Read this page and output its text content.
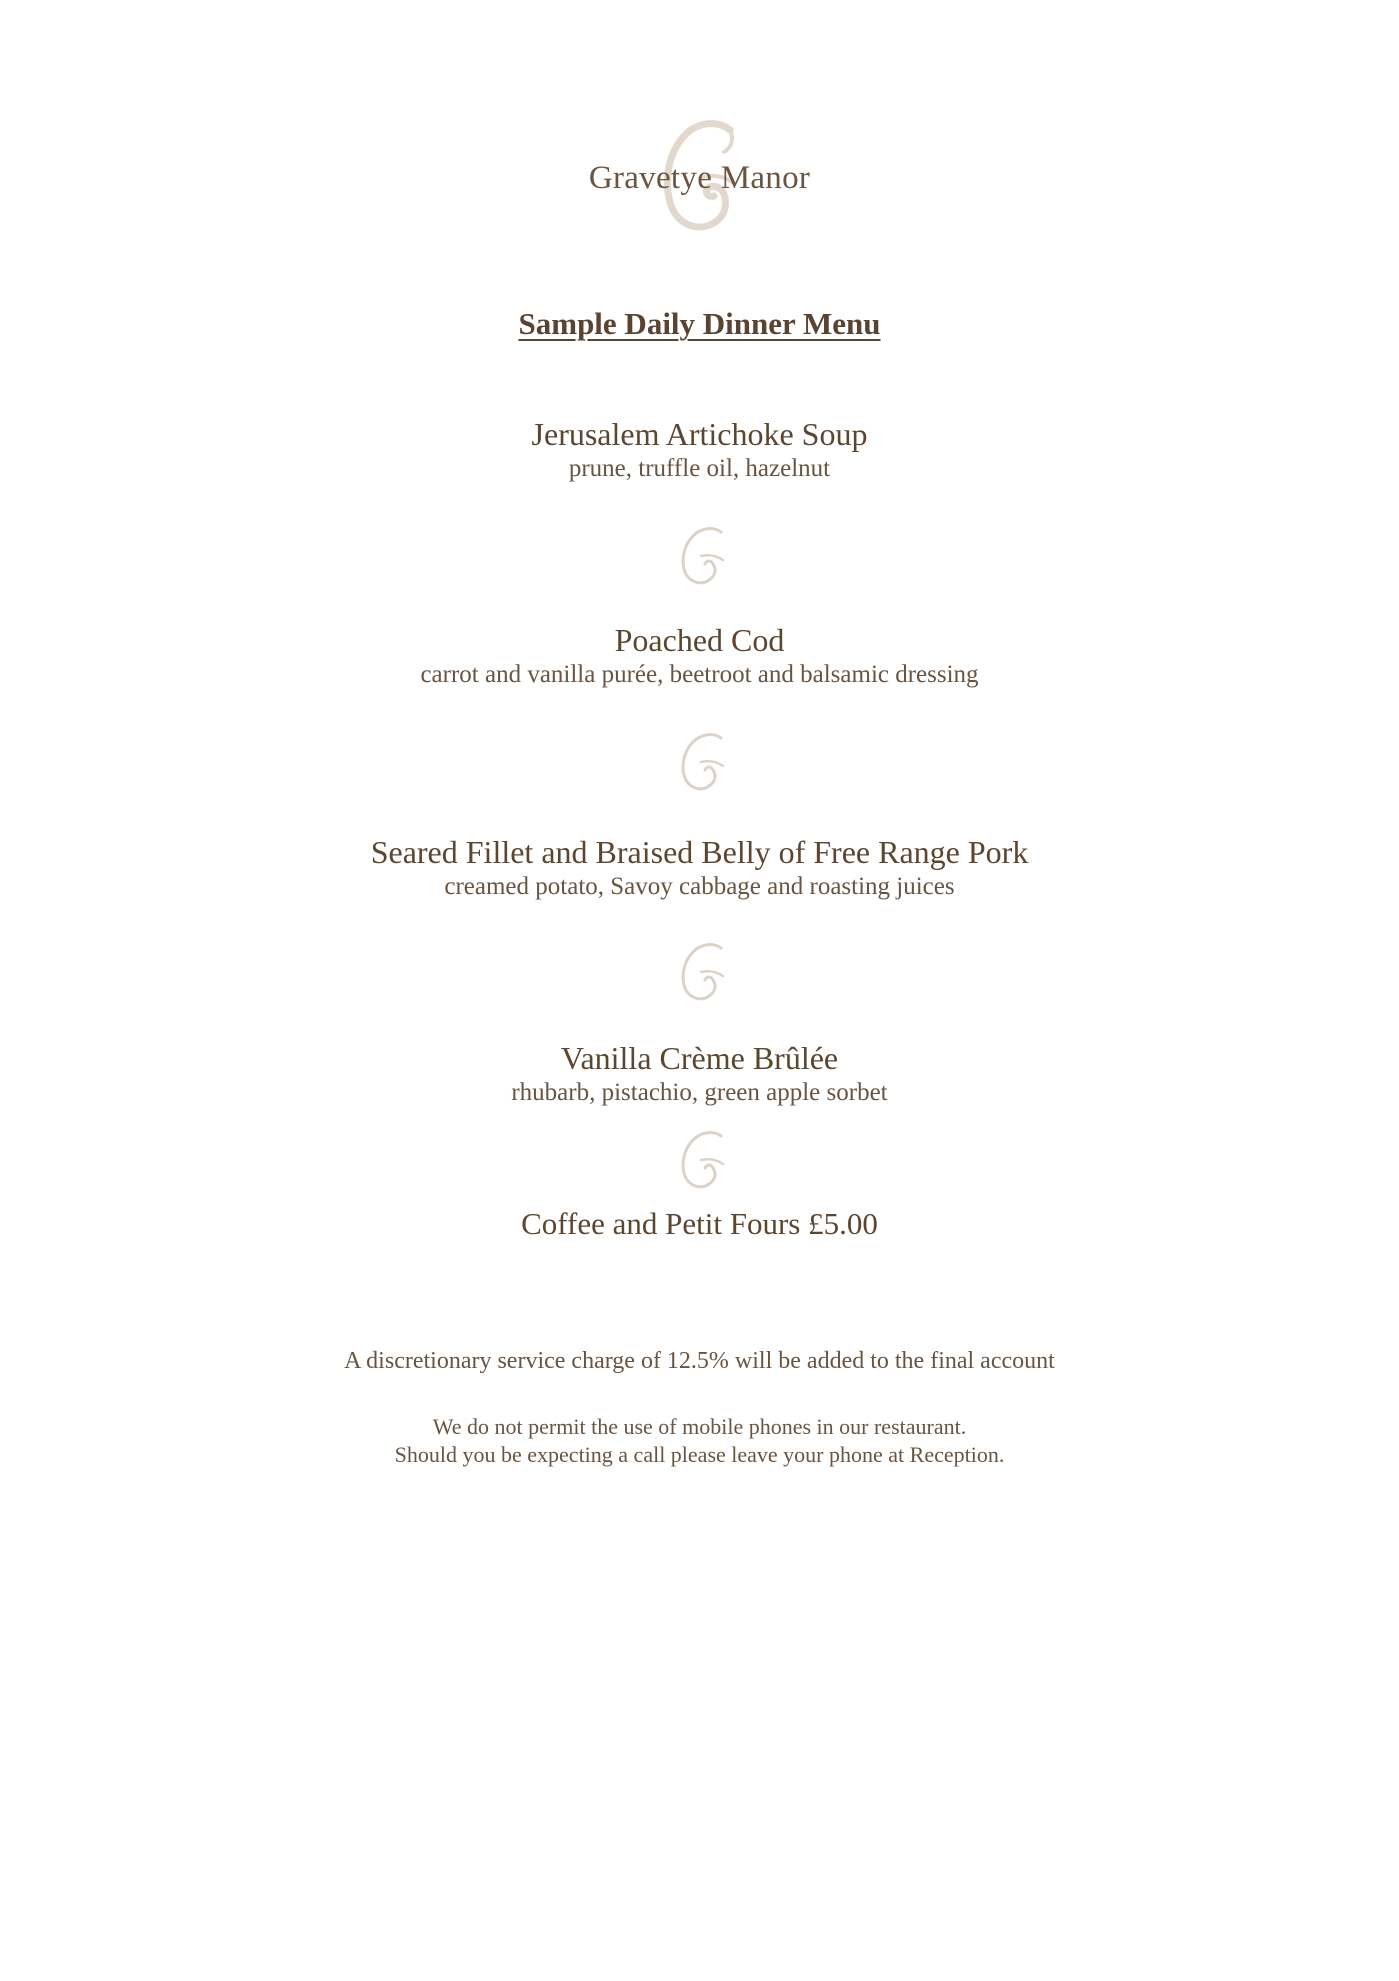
Gravetye Manor
Sample Daily Dinner Menu
Jerusalem Artichoke Soup
prune, truffle oil, hazelnut
Poached Cod
carrot and vanilla purée, beetroot and balsamic dressing
Seared Fillet and Braised Belly of Free Range Pork
creamed potato, Savoy cabbage and roasting juices
Vanilla Crème Brûlée
rhubarb, pistachio, green apple sorbet
Coffee and Petit Fours £5.00
A discretionary service charge of 12.5% will be added to the final account
We do not permit the use of mobile phones in our restaurant.
Should you be expecting a call please leave your phone at Reception.
